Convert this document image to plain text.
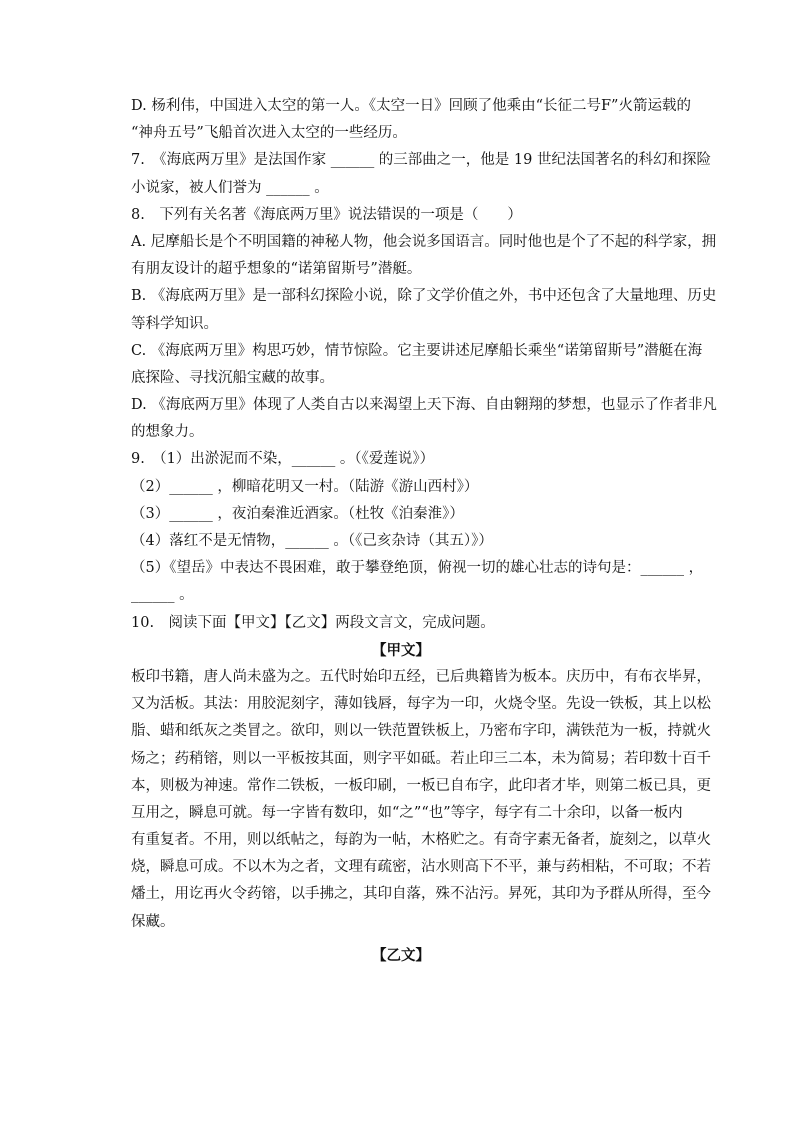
D. 杨利伟，中国进入太空的第一人。《太空一日》回顾了他乘由“长征二号F”火箭运载的
“神舟五号”飞船首次进入太空的一些经历。
7.　《海底两万里》是法国作家 ______ 的三部曲之一，他是 19 世纪法国著名的科幻和探险
小说家，被人们誉为 ______ 。
8.　下列有关名著《海底两万里》说法错误的一项是（　　）
A. 尼摩船长是个不明国籍的神秘人物，他会说多国语言。同时他也是个了不起的科学家，拥
有朋友设计的超乎想象的“诺第留斯号”潜艇。
B. 《海底两万里》是一部科幻探险小说，除了文学价值之外，书中还包含了大量地理、历史
等科学知识。
C. 《海底两万里》构思巧妙，情节惊险。它主要讲述尼摩船长乘坐“诺第留斯号”潜艇在海
底探险、寻找沉船宝藏的故事。
D. 《海底两万里》体现了人类自古以来渴望上天下海、自由翱翔的梦想，也显示了作者非凡
的想象力。
9.　（1）出淤泥而不染，______ 。（《爱莲说》）
（2）______ ，柳暗花明又一村。（陆游《游山西村》）
（3）______ ，夜泊秦淮近酒家。（杜牧《泊秦淮》）
（4）落红不是无情物，______ 。（《己亥杂诗（其五）》）
（5）《望岳》中表达不畏困难，敢于攀登绝顶，俯视一切的雄心壮志的诗句是：______ ，
______ 。
10.　阅读下面【甲文】【乙文】两段文言文，完成问题。
【甲文】
板印书籍，唐人尚未盛为之。五代时始印五经，已后典籍皆为板本。庆历中，有布衣毕昇，
又为活板。其法：用胶泥刻字，薄如钱唇，每字为一印，火烧令坚。先设一铁板，其上以松
脂、蜡和纸灰之类冒之。欲印，则以一铁范置铁板上，乃密布字印，满铁范为一板，持就火
炀之；药稍镕，则以一平板按其面，则字平如砥。若止印三二本，未为简易；若印数十百千
本，则极为神速。常作二铁板，一板印刷，一板已自布字，此印者才毕，则第二板已具，更
互用之，瞬息可就。每一字皆有数印，如“之”“也”等字，每字有二十余印，以备一板内
有重复者。不用，则以纸帖之，每韵为一帖，木格贮之。有奇字素无备者，旋刻之，以草火
烧，瞬息可成。不以木为之者，文理有疏密，沾水则高下不平，兼与药相粘，不可取；不若
燔土，用讫再火令药镕，以手拂之，其印自落，殊不沾污。昇死，其印为予群从所得，至今
保藏。
【乙文】
